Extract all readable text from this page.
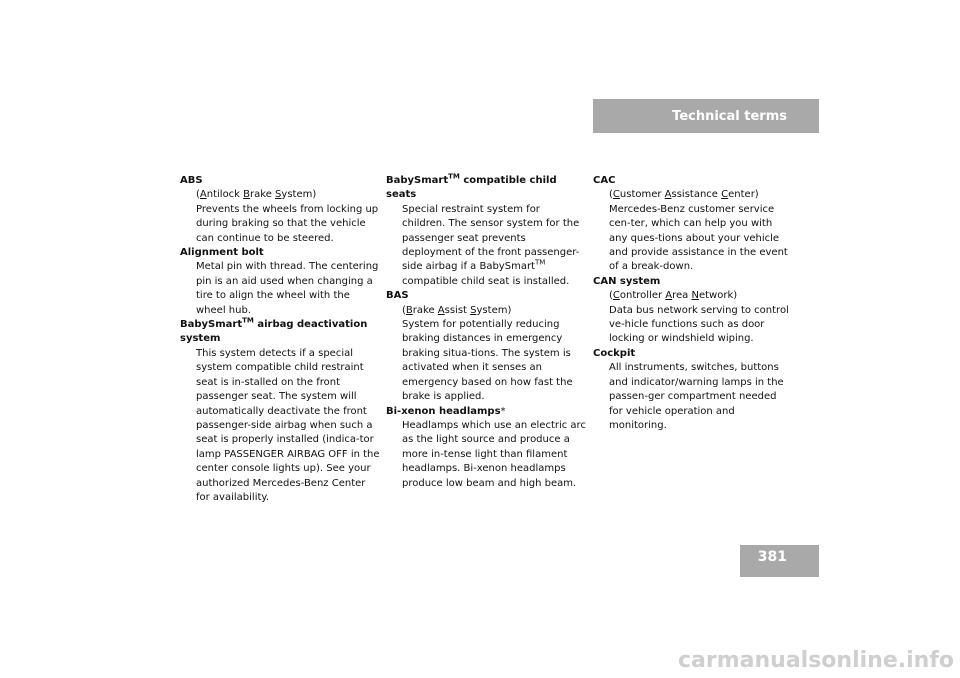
Technical terms
ABS
(Antilock Brake System)
Prevents the wheels from locking up during braking so that the vehicle can continue to be steered.
Alignment bolt
Metal pin with thread. The centering pin is an aid used when changing a tire to align the wheel with the wheel hub.
BabySmart™ airbag deactivation system
This system detects if a special system compatible child restraint seat is in-stalled on the front passenger seat. The system will automatically deactivate the front passenger-side airbag when such a seat is properly installed (indica-tor lamp PASSENGER AIRBAG OFF in the center console lights up). See your authorized Mercedes-Benz Center for availability.
BabySmart™ compatible child seats
Special restraint system for children. The sensor system for the passenger seat prevents deployment of the front passenger-side airbag if a BabySmart™ compatible child seat is installed.
BAS
(Brake Assist System)
System for potentially reducing braking distances in emergency braking situa-tions. The system is activated when it senses an emergency based on how fast the brake is applied.
Bi-xenon headlamps*
Headlamps which use an electric arc as the light source and produce a more in-tense light than filament headlamps. Bi-xenon headlamps produce low beam and high beam.
CAC
(Customer Assistance Center)
Mercedes-Benz customer service cen-ter, which can help you with any ques-tions about your vehicle and provide assistance in the event of a break-down.
CAN system
(Controller Area Network)
Data bus network serving to control ve-hicle functions such as door locking or windshield wiping.
Cockpit
All instruments, switches, buttons and indicator/warning lamps in the passen-ger compartment needed for vehicle operation and monitoring.
381
carmanualsonline.info
